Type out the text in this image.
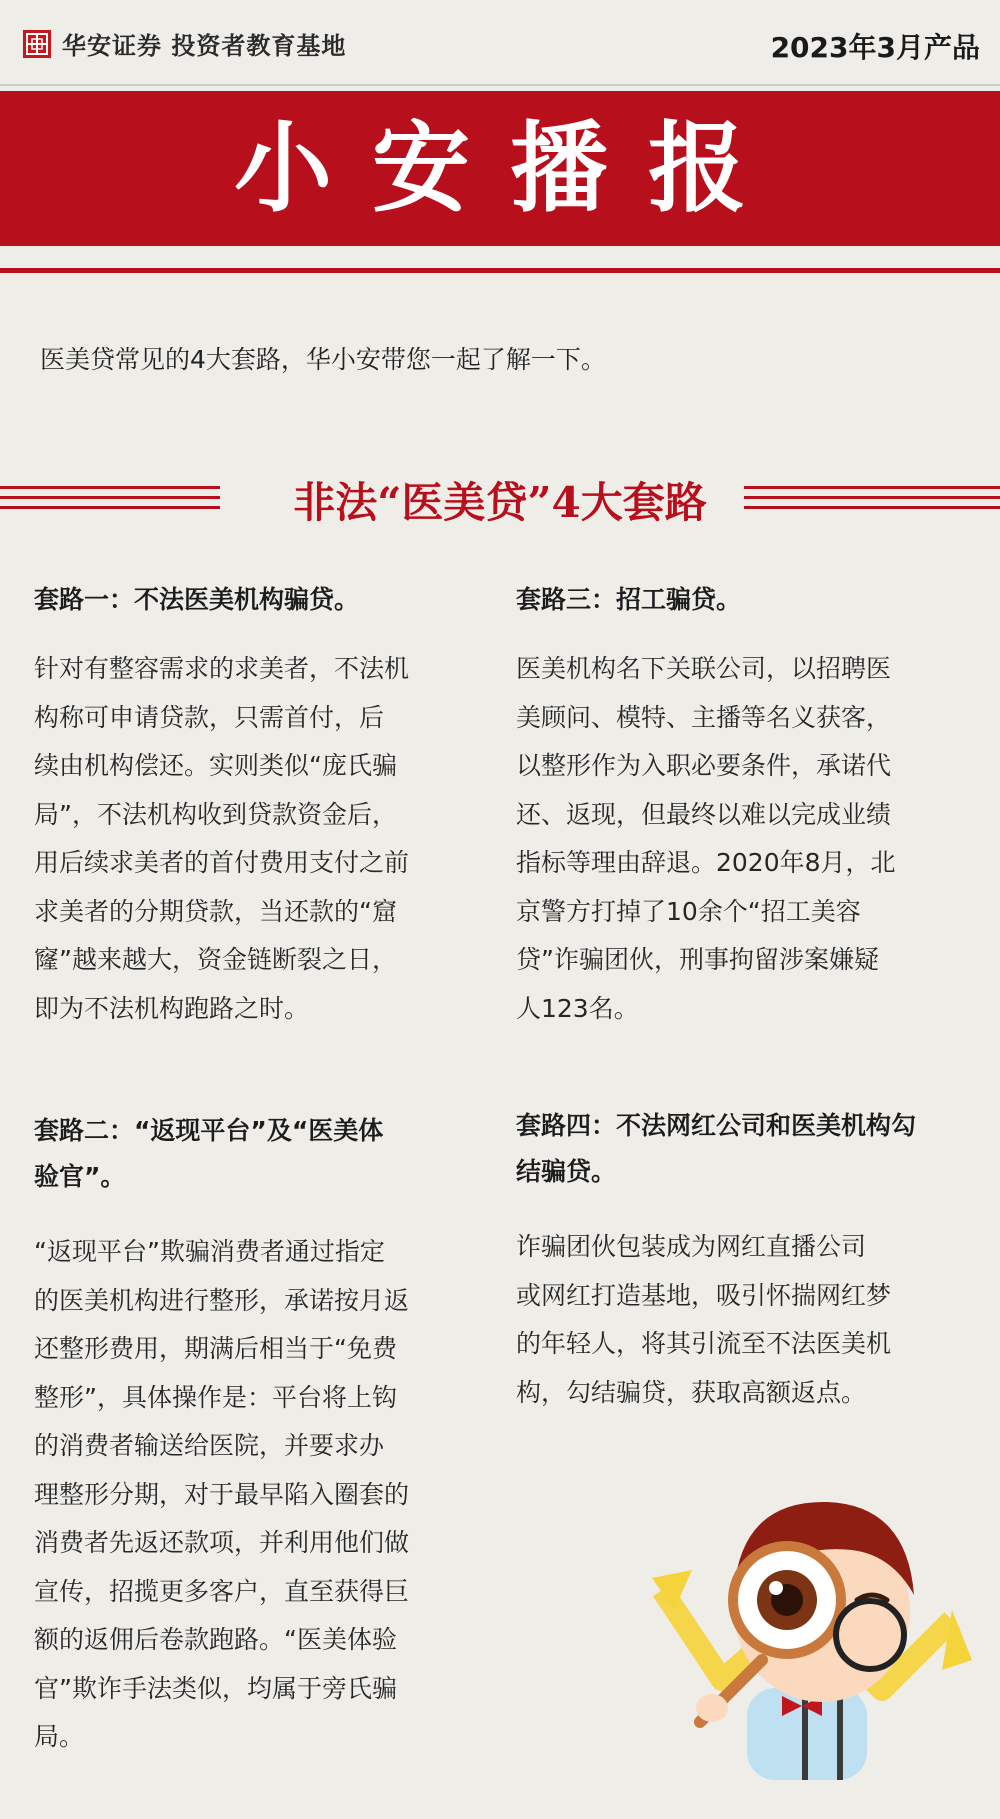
华安证券 投资者教育基地	2023年3月产品
小安播报
医美贷常见的4大套路，华小安带您一起了解一下。
非法“医美贷”4大套路

套路一：不法医美机构骗贷。

针对有整容需求的求美者，不法机

构称可申请贷款，只需首付，后

续由机构偿还。实则类似“庞氏骗

局”，不法机构收到贷款资金后，

用后续求美者的首付费用支付之前

求美者的分期贷款，当还款的“窟

窿”越来越大，资金链断裂之日，

即为不法机构跑路之时。

套路二：“返现平台”及“医美体

验官”。

“返现平台”欺骗消费者通过指定

的医美机构进行整形，承诺按月返

还整形费用，期满后相当于“免费

整形”，具体操作是：平台将上钩

的消费者输送给医院，并要求办

理整形分期，对于最早陷入圈套的

消费者先返还款项，并利用他们做

宣传，招揽更多客户，直至获得巨

额的返佣后卷款跑路。“医美体验

官”欺诈手法类似，均属于旁氏骗

局。

套路三：招工骗贷。

医美机构名下关联公司，以招聘医

美顾问、模特、主播等名义获客，

以整形作为入职必要条件，承诺代

还、返现，但最终以难以完成业绩

指标等理由辞退。2020年8月，北

京警方打掉了10余个“招工美容

贷”诈骗团伙，刑事拘留涉案嫌疑

人123名。

套路四：不法网红公司和医美机构勾

结骗贷。

诈骗团伙包装成为网红直播公司

或网红打造基地，吸引怀揣网红梦

的年轻人，将其引流至不法医美机

构，勾结骗贷，获取高额返点。
